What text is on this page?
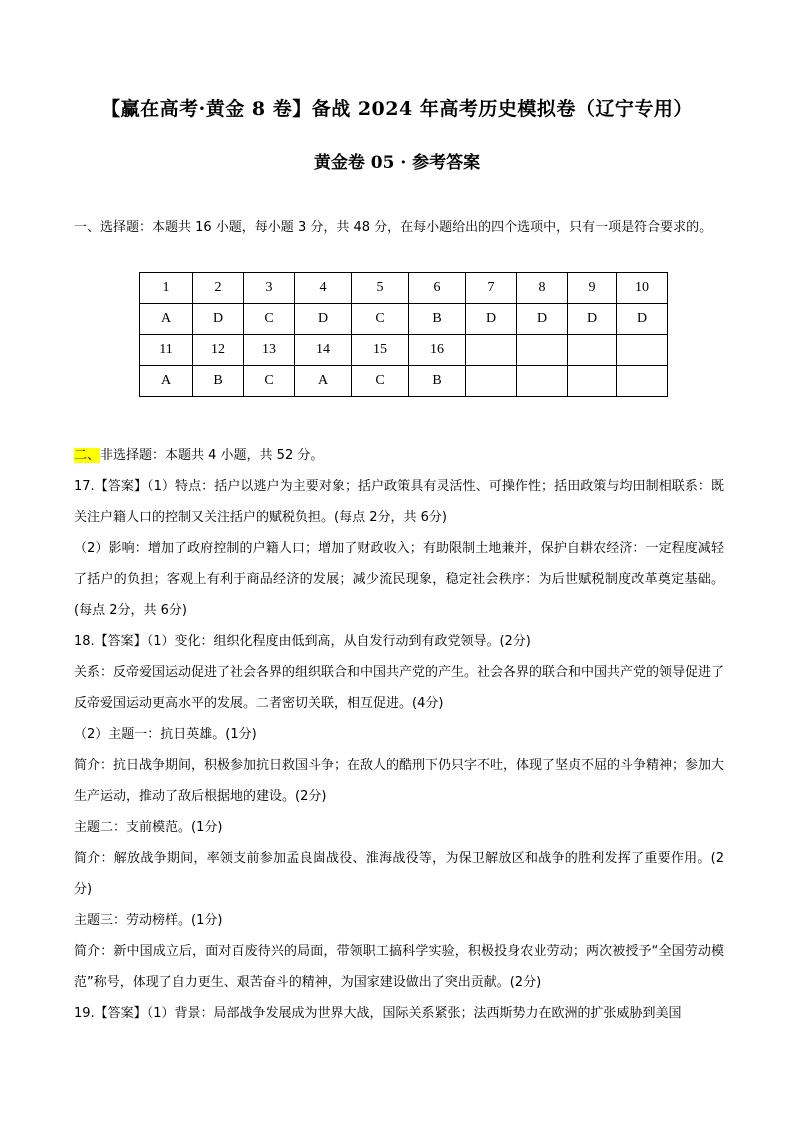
【赢在高考·黄金 8 卷】备战 2024 年高考历史模拟卷（辽宁专用）
黄金卷 05 · 参考答案
一、选择题：本题共 16 小题，每小题 3 分，共 48 分，在每小题给出的四个选项中，只有一项是符合要求的。
1	2	3	4	5	6	7	8	9	10
A	D	C	D	C	B	D	D	D	D
11	12	13	14	15	16				
A	B	C	A	C	B				

二、非选择题：本题共 4 小题，共 52 分。

17.【答案】（1）特点：括户以逃户为主要对象；括户政策具有灵活性、可操作性；括田政策与均田制相联系：既关注户籍人口的控制又关注括户的赋税负担。(每点 2分，共 6分)

（2）影响：增加了政府控制的户籍人口；增加了财政收入；有助限制土地兼并，保护自耕农经济：一定程度减轻了括户的负担；客观上有利于商品经济的发展；减少流民现象，稳定社会秩序：为后世赋税制度改革奠定基础。(每点 2分，共 6分)

18.【答案】（1）变化：组织化程度由低到高，从自发行动到有政党领导。(2分)

关系：反帝爱国运动促进了社会各界的组织联合和中国共产党的产生。社会各界的联合和中国共产党的领导促进了反帝爱国运动更高水平的发展。二者密切关联，相互促进。(4分)

（2）主题一：抗日英雄。(1分)

简介：抗日战争期间，积极参加抗日救国斗争；在敌人的酷刑下仍只字不吐，体现了坚贞不屈的斗争精神；参加大生产运动，推动了敌后根据地的建设。(2分)

主题二：支前模范。(1分)

简介：解放战争期间，率领支前参加孟良崮战役、淮海战役等，为保卫解放区和战争的胜利发挥了重要作用。(2分)

主题三：劳动榜样。(1分)

简介：新中国成立后，面对百废待兴的局面，带领职工搞科学实验，积极投身农业劳动；两次被授予“全国劳动模范”称号，体现了自力更生、艰苦奋斗的精神，为国家建设做出了突出贡献。(2分)

19.【答案】（1）背景：局部战争发展成为世界大战，国际关系紧张；法西斯势力在欧洲的扩张威胁到美国
